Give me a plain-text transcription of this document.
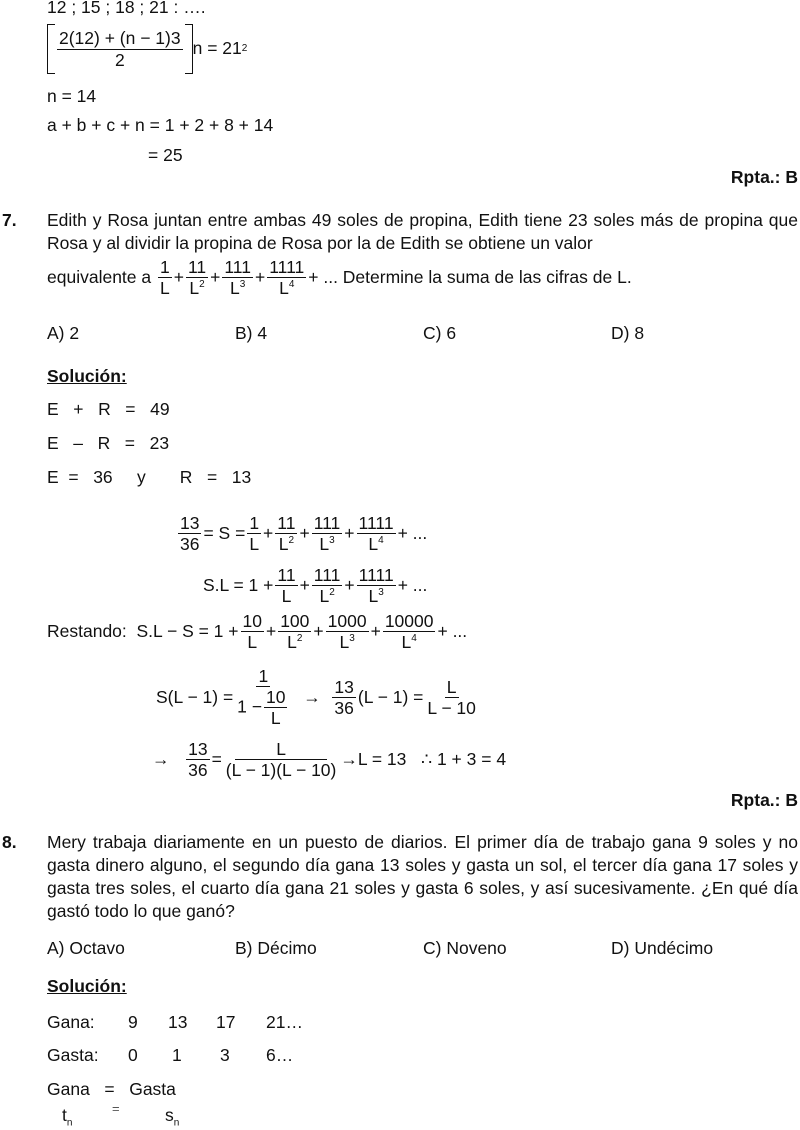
12 ; 15 ; 18 ; 21 : ….
$\frac{2(12) + (n - 1)3}{2}$ n = 21 2
n = 14
a + b + c + n = 1 + 2 + 8 + 14
= 25
Rpta.: B
7. Edith y Rosa juntan entre ambas 49 soles de propina, Edith tiene 23 soles más de propina que Rosa y al dividir la propina de Rosa por la de Edith se obtiene un valor
equivalente a
1
L
+ 11
$L^2 + 111$
$L^3 + 1111$
$L^4$ + ... Determine la suma de las cifras de L.
A) 2	B) 4	C) 6	D) 8
Solución:
E   +   R   =   49
E   –   R   =   23
E  =   36     y       R   =   13
13
36
= S = 1
L
+ 11
$L^2 + 111$
$L^3 + 1111$
$L^4$ + ...
S.L = 1 + 11
L
+ 111
$L^2 + 1111$
$L^3$ + ...
Restando: S.L − S = 1 + 10
L
+ 100
$L^2 + 1000$
$L^3 + 10000$
$L^4$ + ...
S(L − 1) =
1
$1 - \frac{10}{L} \to 13$
36
(L − 1) = L
L − 10
→ 13
36
= L
(L − 1)(L − 10)
→ L = 13
∴ 1 + 3 = 4
Rpta.: B
8. Mery trabaja diariamente en un puesto de diarios. El primer día de trabajo gana 9 soles y no gasta dinero alguno, el segundo día gana 13 soles y gasta un sol, el tercer día gana 17 soles y gasta tres soles, el cuarto día gana 21 soles y gasta 6 soles, y así sucesivamente. ¿En qué día gastó todo lo que ganó?
A) Octavo	B) Décimo	C) Noveno	D) Undécimo
Solución:
Gana: 9 13 17 21…
Gasta: 0 1 3 6…
Gana   =   Gasta
$t_n$
=	$s_n$
